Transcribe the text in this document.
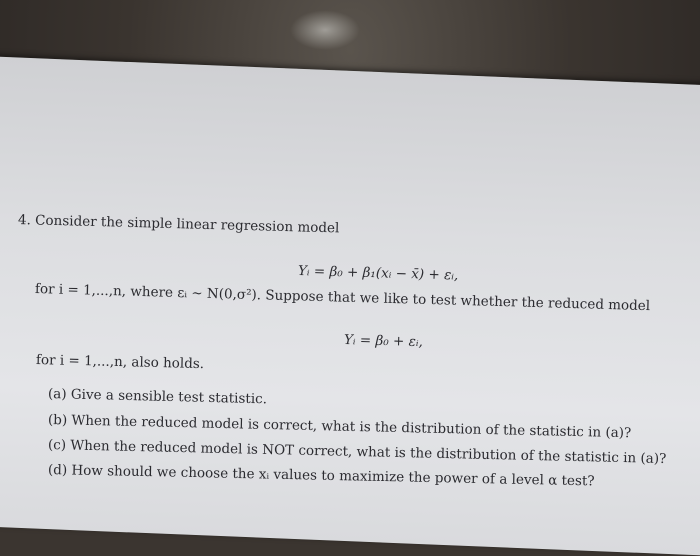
4. Consider the simple linear regression model
Yᵢ = β₀ + β₁(xᵢ − x̄) + εᵢ,
for i = 1,...,n, where εᵢ ~ N(0,σ²). Suppose that we like to test whether the reduced model
Yᵢ = β₀ + εᵢ,
for i = 1,...,n, also holds.
(a) Give a sensible test statistic.
(b) When the reduced model is correct, what is the distribution of the statistic in (a)?
(c) When the reduced model is NOT correct, what is the distribution of the statistic in (a)?
(d) How should we choose the xᵢ values to maximize the power of a level α test?
